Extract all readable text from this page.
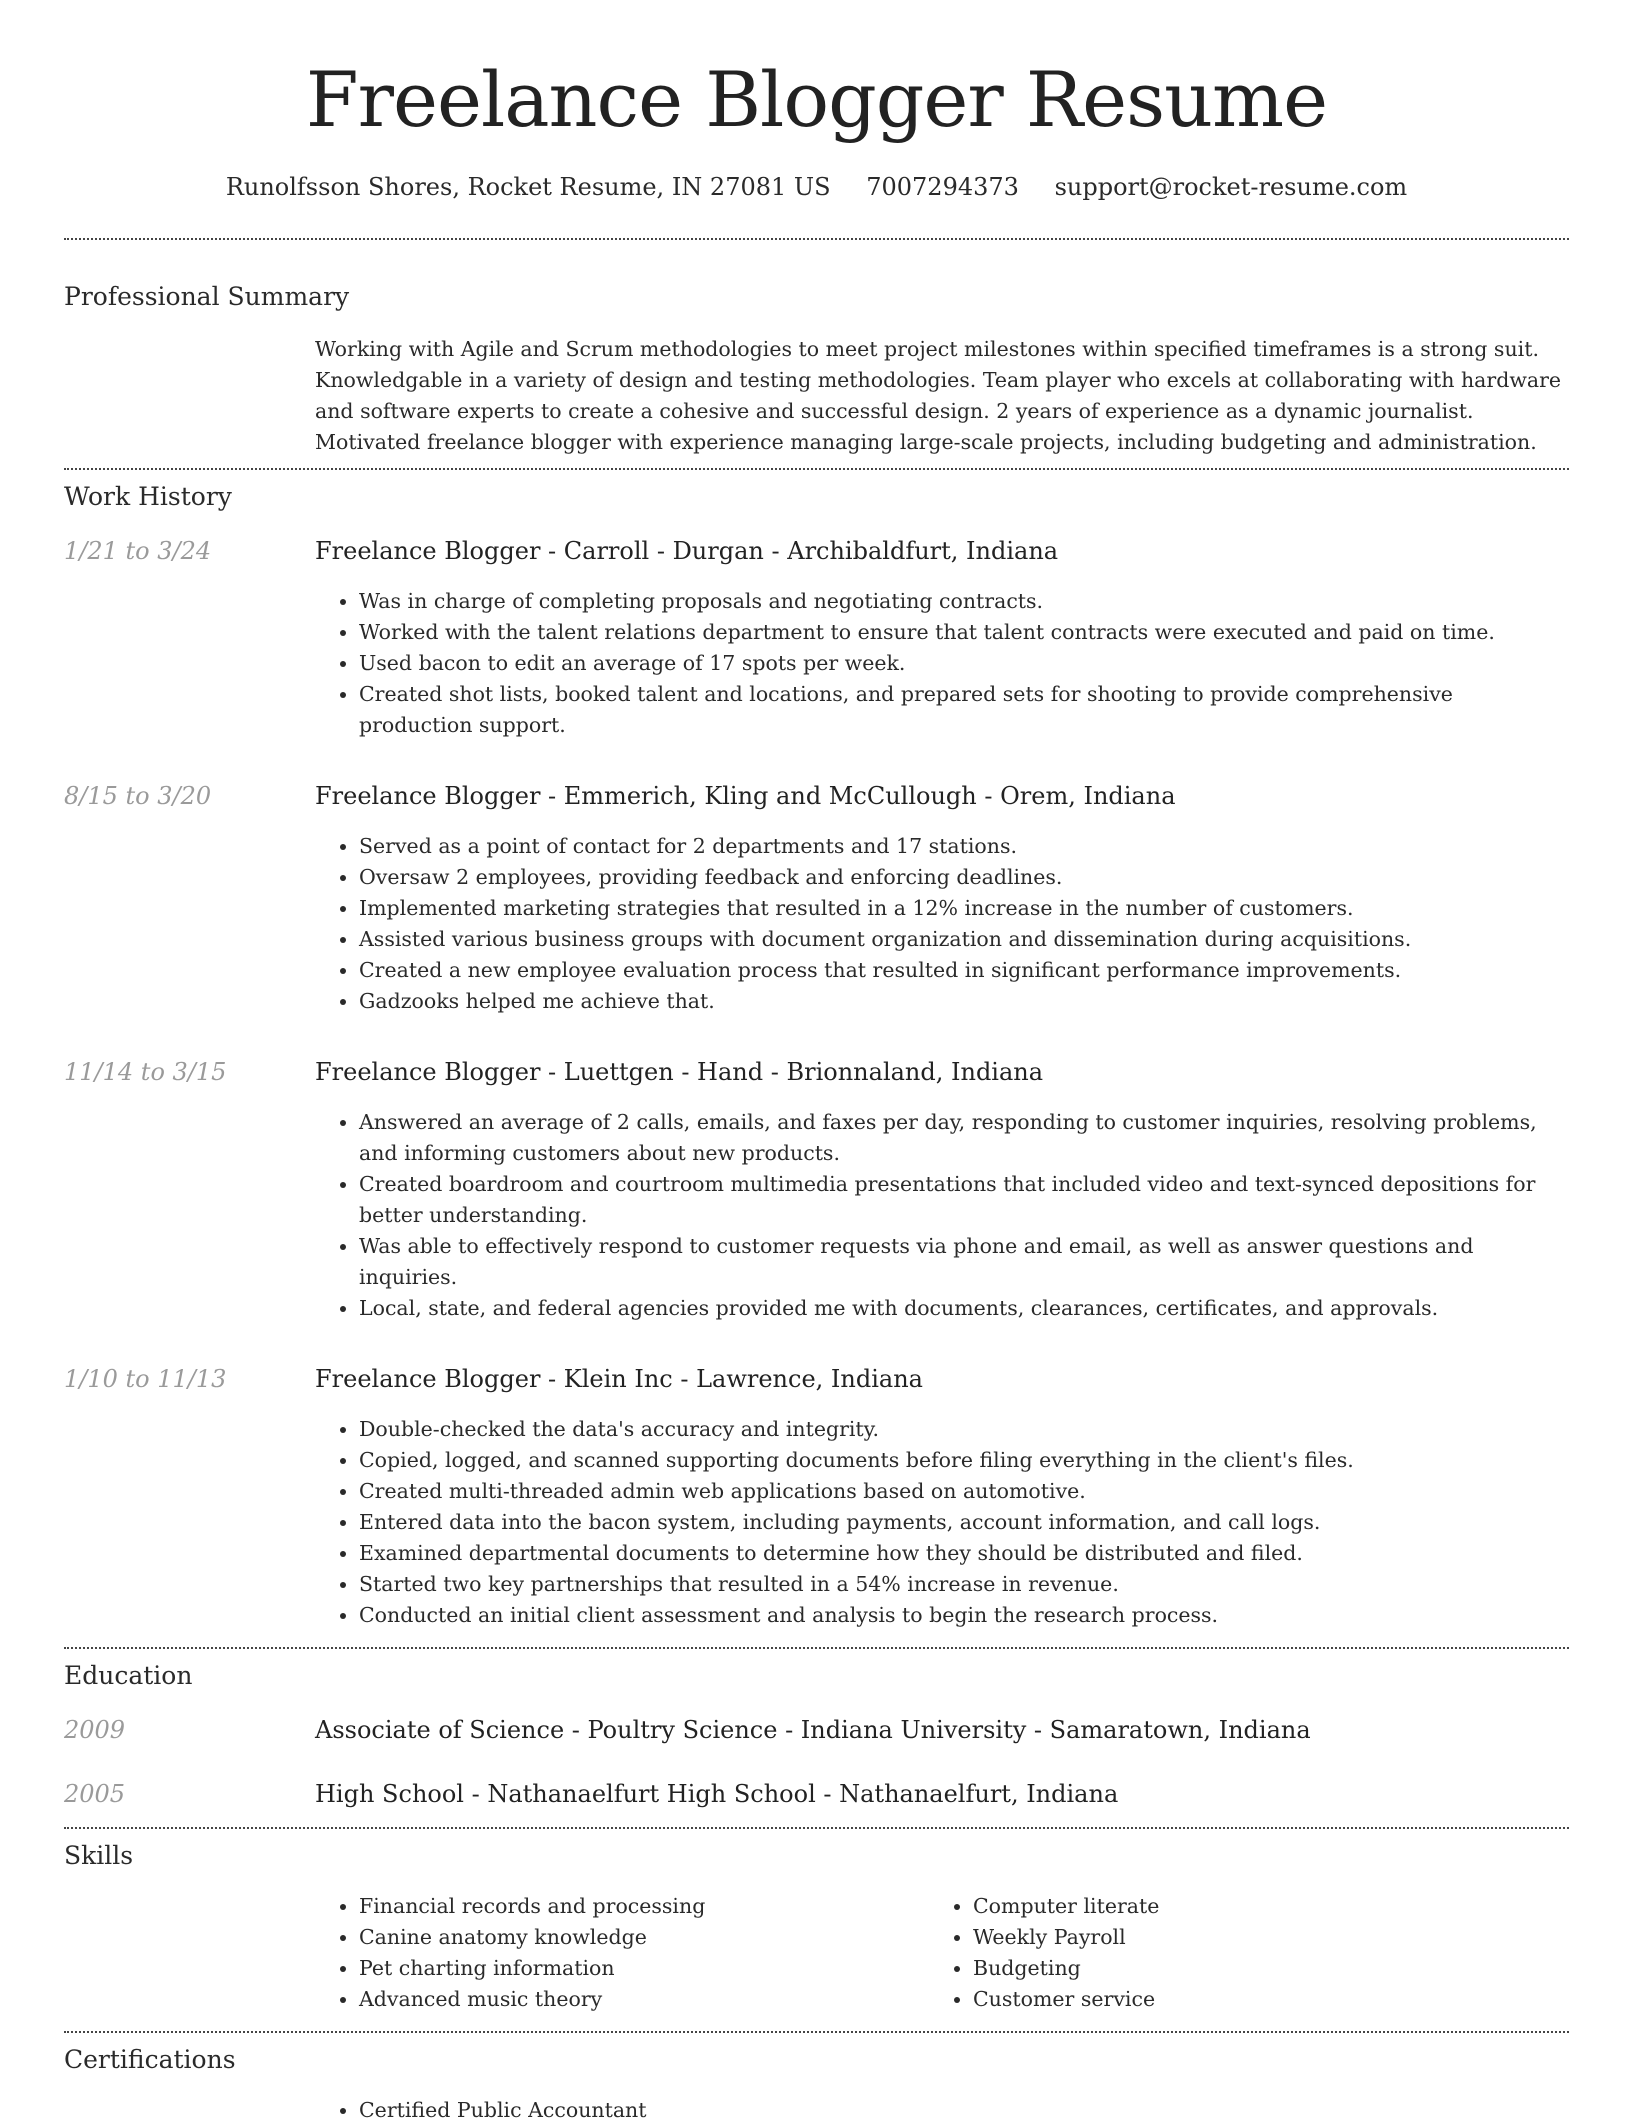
Freelance Blogger Resume
Runolfsson Shores, Rocket Resume, IN 27081 US 7007294373 support@rocket-resume.com
Professional Summary
Working with Agile and Scrum methodologies to meet project milestones within specified timeframes is a strong suit. Knowledgable in a variety of design and testing methodologies. Team player who excels at collaborating with hardware and software experts to create a cohesive and successful design. 2 years of experience as a dynamic journalist. Motivated freelance blogger with experience managing large-scale projects, including budgeting and administration.
Work History
1/21 to 3/24	Freelance Blogger - Carroll - Durgan - Archibaldfurt, Indiana
• Was in charge of completing proposals and negotiating contracts.
• Worked with the talent relations department to ensure that talent contracts were executed and paid on time.
• Used bacon to edit an average of 17 spots per week.
• Created shot lists, booked talent and locations, and prepared sets for shooting to provide comprehensive production support.
8/15 to 3/20	Freelance Blogger - Emmerich, Kling and McCullough - Orem, Indiana
• Served as a point of contact for 2 departments and 17 stations.
• Oversaw 2 employees, providing feedback and enforcing deadlines.
• Implemented marketing strategies that resulted in a 12% increase in the number of customers.
• Assisted various business groups with document organization and dissemination during acquisitions.
• Created a new employee evaluation process that resulted in significant performance improvements.
• Gadzooks helped me achieve that.
11/14 to 3/15	Freelance Blogger - Luettgen - Hand - Brionnaland, Indiana
• Answered an average of 2 calls, emails, and faxes per day, responding to customer inquiries, resolving problems, and informing customers about new products.
• Created boardroom and courtroom multimedia presentations that included video and text-synced depositions for better understanding.
• Was able to effectively respond to customer requests via phone and email, as well as answer questions and inquiries.
• Local, state, and federal agencies provided me with documents, clearances, certificates, and approvals.
1/10 to 11/13	Freelance Blogger - Klein Inc - Lawrence, Indiana
• Double-checked the data's accuracy and integrity.
• Copied, logged, and scanned supporting documents before filing everything in the client's files.
• Created multi-threaded admin web applications based on automotive.
• Entered data into the bacon system, including payments, account information, and call logs.
• Examined departmental documents to determine how they should be distributed and filed.
• Started two key partnerships that resulted in a 54% increase in revenue.
• Conducted an initial client assessment and analysis to begin the research process.
Education
2009	Associate of Science - Poultry Science - Indiana University - Samaratown, Indiana
2005	High School - Nathanaelfurt High School - Nathanaelfurt, Indiana
Skills
• Financial records and processing
• Canine anatomy knowledge
• Pet charting information
• Advanced music theory
• Computer literate
• Weekly Payroll
• Budgeting
• Customer service
Certifications
• Certified Public Accountant
